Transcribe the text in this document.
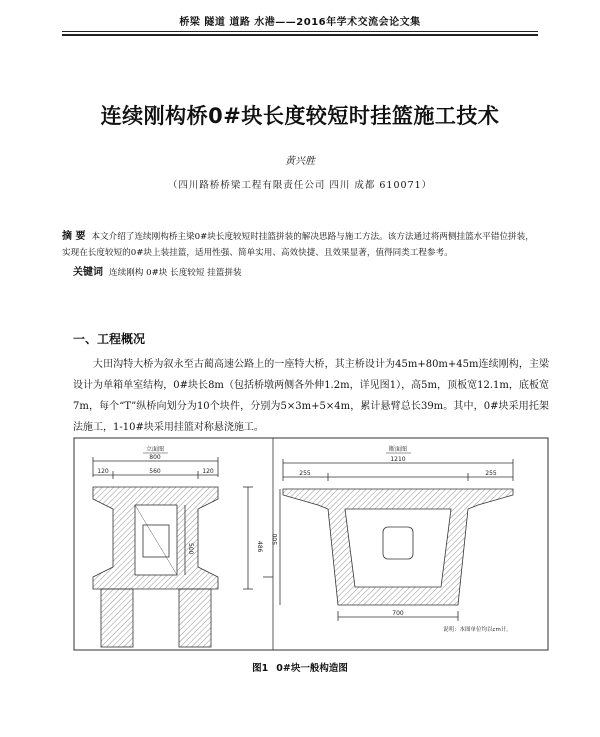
桥梁 隧道 道路 水港——2016年学术交流会论文集
连续刚构桥0#块长度较短时挂篮施工技术
黄兴胜
（四川路桥桥梁工程有限责任公司 四川 成都 610071）
摘 要 本文介绍了连续刚构桥主梁0#块长度较短时挂篮拼装的解决思路与施工方法。该方法通过将两侧挂篮水平错位拼装，实现在长度较短的0#块上装挂篮，适用性强、简单实用、高效快捷、且效果显著，值得同类工程参考。
关键词 连续刚构 0#块 长度较短 挂篮拼装
一、工程概况
大田沟特大桥为叙永至古蔺高速公路上的一座特大桥，其主桥设计为45m+80m+45m连续刚构，主梁设计为单箱单室结构，0#块长8m（包括桥墩两侧各外伸1.2m，详见图1），高5m，顶板宽12.1m，底板宽7m，每个“T”纵桥向划分为10个块件，分别为5×3m+5×4m，累计悬臂总长39m。其中，0#块采用托架法施工，1-10#块采用挂篮对称悬浇施工。
立面图
800
120	560	120
500	486
断面图
1210
255	255
500
700
说明：本图单位均以cm计。
图1 0#块一般构造图
